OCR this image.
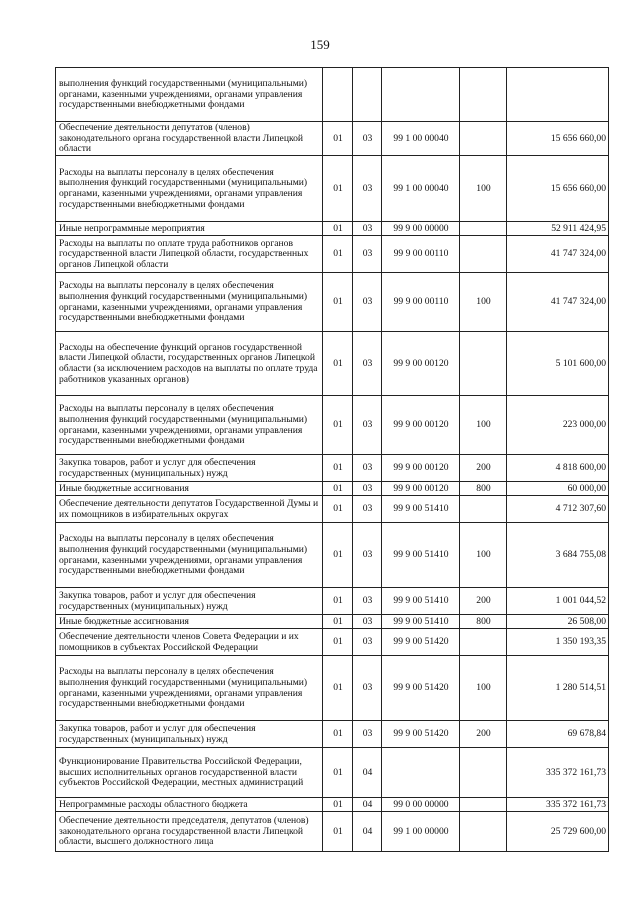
159
выполнения функций государственными (муниципальными) органами, казенными учреждениями, органами управления государственными внебюджетными фондами					
Обеспечение деятельности депутатов (членов) законодательного органа государственной власти Липецкой области	01	03	99 1 00 00040		15 656 660,00
Расходы на выплаты персоналу в целях обеспечения выполнения функций государственными (муниципальными) органами, казенными учреждениями, органами управления государственными внебюджетными фондами	01	03	99 1 00 00040	100	15 656 660,00
Иные непрограммные мероприятия	01	03	99 9 00 00000		52 911 424,95
Расходы на выплаты по оплате труда работников органов государственной власти Липецкой области, государственных органов Липецкой области	01	03	99 9 00 00110		41 747 324,00
Расходы на выплаты персоналу в целях обеспечения выполнения функций государственными (муниципальными) органами, казенными учреждениями, органами управления государственными внебюджетными фондами	01	03	99 9 00 00110	100	41 747 324,00
Расходы на обеспечение функций органов государственной власти Липецкой области, государственных органов Липецкой области (за исключением расходов на выплаты по оплате труда работников указанных органов)	01	03	99 9 00 00120		5 101 600,00
Расходы на выплаты персоналу в целях обеспечения выполнения функций государственными (муниципальными) органами, казенными учреждениями, органами управления государственными внебюджетными фондами	01	03	99 9 00 00120	100	223 000,00
Закупка товаров, работ и услуг для обеспечения государственных (муниципальных) нужд	01	03	99 9 00 00120	200	4 818 600,00
Иные бюджетные ассигнования	01	03	99 9 00 00120	800	60 000,00
Обеспечение деятельности депутатов Государственной Думы и их помощников в избирательных округах	01	03	99 9 00 51410		4 712 307,60
Расходы на выплаты персоналу в целях обеспечения выполнения функций государственными (муниципальными) органами, казенными учреждениями, органами управления государственными внебюджетными фондами	01	03	99 9 00 51410	100	3 684 755,08
Закупка товаров, работ и услуг для обеспечения государственных (муниципальных) нужд	01	03	99 9 00 51410	200	1 001 044,52
Иные бюджетные ассигнования	01	03	99 9 00 51410	800	26 508,00
Обеспечение деятельности членов Совета Федерации и их помощников в субъектах Российской Федерации	01	03	99 9 00 51420		1 350 193,35
Расходы на выплаты персоналу в целях обеспечения выполнения функций государственными (муниципальными) органами, казенными учреждениями, органами управления государственными внебюджетными фондами	01	03	99 9 00 51420	100	1 280 514,51
Закупка товаров, работ и услуг для обеспечения государственных (муниципальных) нужд	01	03	99 9 00 51420	200	69 678,84
Функционирование Правительства Российской Федерации, высших исполнительных органов государственной власти субъектов Российской Федерации, местных администраций	01	04			335 372 161,73
Непрограммные расходы областного бюджета	01	04	99 0 00 00000		335 372 161,73
Обеспечение деятельности председателя, депутатов (членов) законодательного органа государственной власти Липецкой области, высшего должностного лица	01	04	99 1 00 00000		25 729 600,00
